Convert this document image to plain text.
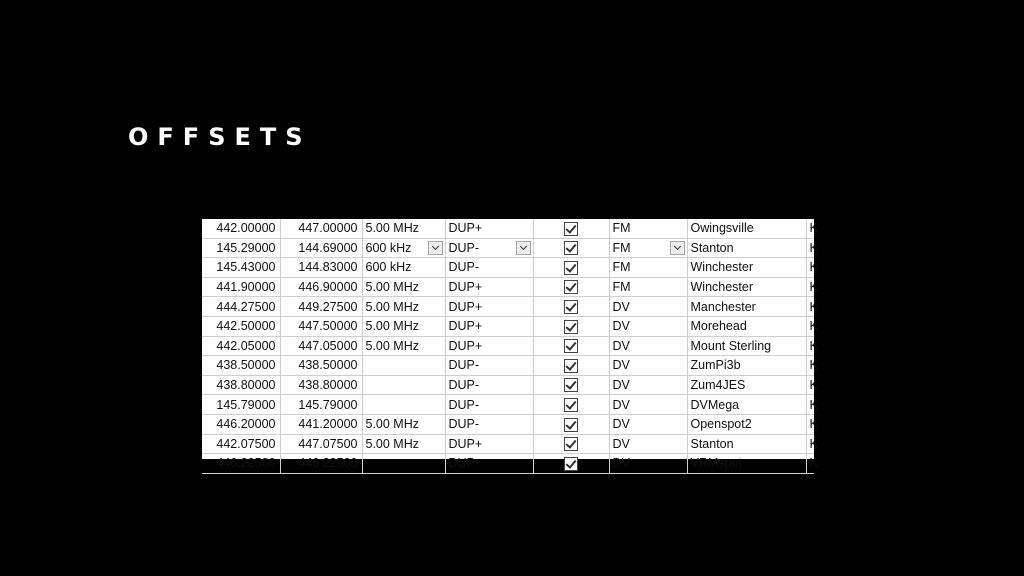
OFFSETS
442.00000	447.00000	5.00 MHz	DUP+		FM	Owingsville	K
145.29000	144.69000	600 kHz	DUP-		FM	Stanton	K
145.43000	144.83000	600 kHz	DUP-		FM	Winchester	K
441.90000	446.90000	5.00 MHz	DUP+		FM	Winchester	K
444.27500	449.27500	5.00 MHz	DUP+		DV	Manchester	K
442.50000	447.50000	5.00 MHz	DUP+		DV	Morehead	K
442.05000	447.05000	5.00 MHz	DUP+		DV	Mount Sterling	K
438.50000	438.50000		DUP-		DV	ZumPi3b	K
438.80000	438.80000		DUP-		DV	Zum4JES	K
145.79000	145.79000		DUP-		DV	DVMega	K
446.20000	441.20000	5.00 MHz	DUP-		DV	Openspot2	K
442.07500	447.07500	5.00 MHz	DUP+		DV	Stanton	K
446.22500	446.22500		DUP-		DV	VRMspot	K
